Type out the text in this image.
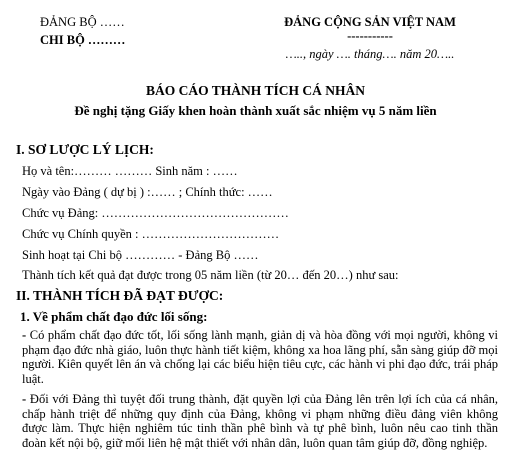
ĐẢNG BỘ ……
CHI BỘ ………
ĐẢNG CỘNG SẢN VIỆT NAM
-----------
….., ngày …. tháng…. năm 20…..
BÁO CÁO THÀNH TÍCH CÁ NHÂN
Đề nghị tặng Giấy khen hoàn thành xuất sắc nhiệm vụ 5 năm liền
I. SƠ LƯỢC LÝ LỊCH:
Họ và tên:……… ……… Sinh năm : ……
Ngày vào Đảng ( dự bị ) :…… ; Chính thức: ……
Chức vụ Đảng: ………………………………………
Chức vụ Chính quyền : ……………………………
Sinh hoạt tại Chi bộ ………… - Đảng Bộ ……
Thành tích kết quả đạt được trong 05 năm liền (từ 20… đến 20…) như sau:
II. THÀNH TÍCH ĐÃ ĐẠT ĐƯỢC:
1. Về phẩm chất đạo đức lối sống:
- Có phẩm chất đạo đức tốt, lối sống lành mạnh, giản dị và hòa đồng với mọi người, không vi phạm đạo đức nhà giáo, luôn thực hành tiết kiệm, không xa hoa lãng phí, sẵn sàng giúp đỡ mọi người. Kiên quyết lên án và chống lại các biểu hiện tiêu cực, các hành vi phi đạo đức, trái pháp luật.
- Đối với Đảng thì tuyệt đối trung thành, đặt quyền lợi của Đảng lên trên lợi ích của cá nhân, chấp hành triệt để những quy định của Đảng, không vi phạm những điều đảng viên không được làm. Thực hiện nghiêm túc tinh thần phê bình và tự phê bình, luôn nêu cao tinh thần đoàn kết nội bộ, giữ mối liên hệ mật thiết với nhân dân, luôn quan tâm giúp đỡ, đồng nghiệp.
